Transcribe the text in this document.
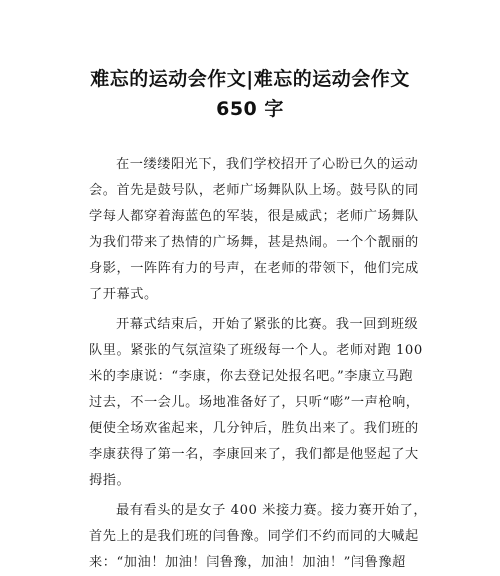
难忘的运动会作文|难忘的运动会作文
650 字
在一缕缕阳光下，我们学校招开了心盼已久的运动
会。首先是鼓号队，老师广场舞队队上场。鼓号队的同
学每人都穿着海蓝色的军装，很是威武；老师广场舞队
为我们带来了热情的广场舞，甚是热闹。一个个靓丽的
身影，一阵阵有力的号声，在老师的带领下，他们完成
了开幕式。
开幕式结束后，开始了紧张的比赛。我一回到班级
队里。紧张的气氛渲染了班级每一个人。老师对跑 100
米的李康说：“李康，你去登记处报名吧。”李康立马跑
过去，不一会儿。场地准备好了，只听“嘭”一声枪响，
便使全场欢雀起来，几分钟后，胜负出来了。我们班的
李康获得了第一名，李康回来了，我们都是他竖起了大
拇指。
最有看头的是女子 400 米接力赛。接力赛开始了，
首先上的是我们班的闫鲁豫。同学们不约而同的大喊起
来：“加油！加油！闫鲁豫，加油！加油！”闫鲁豫超
